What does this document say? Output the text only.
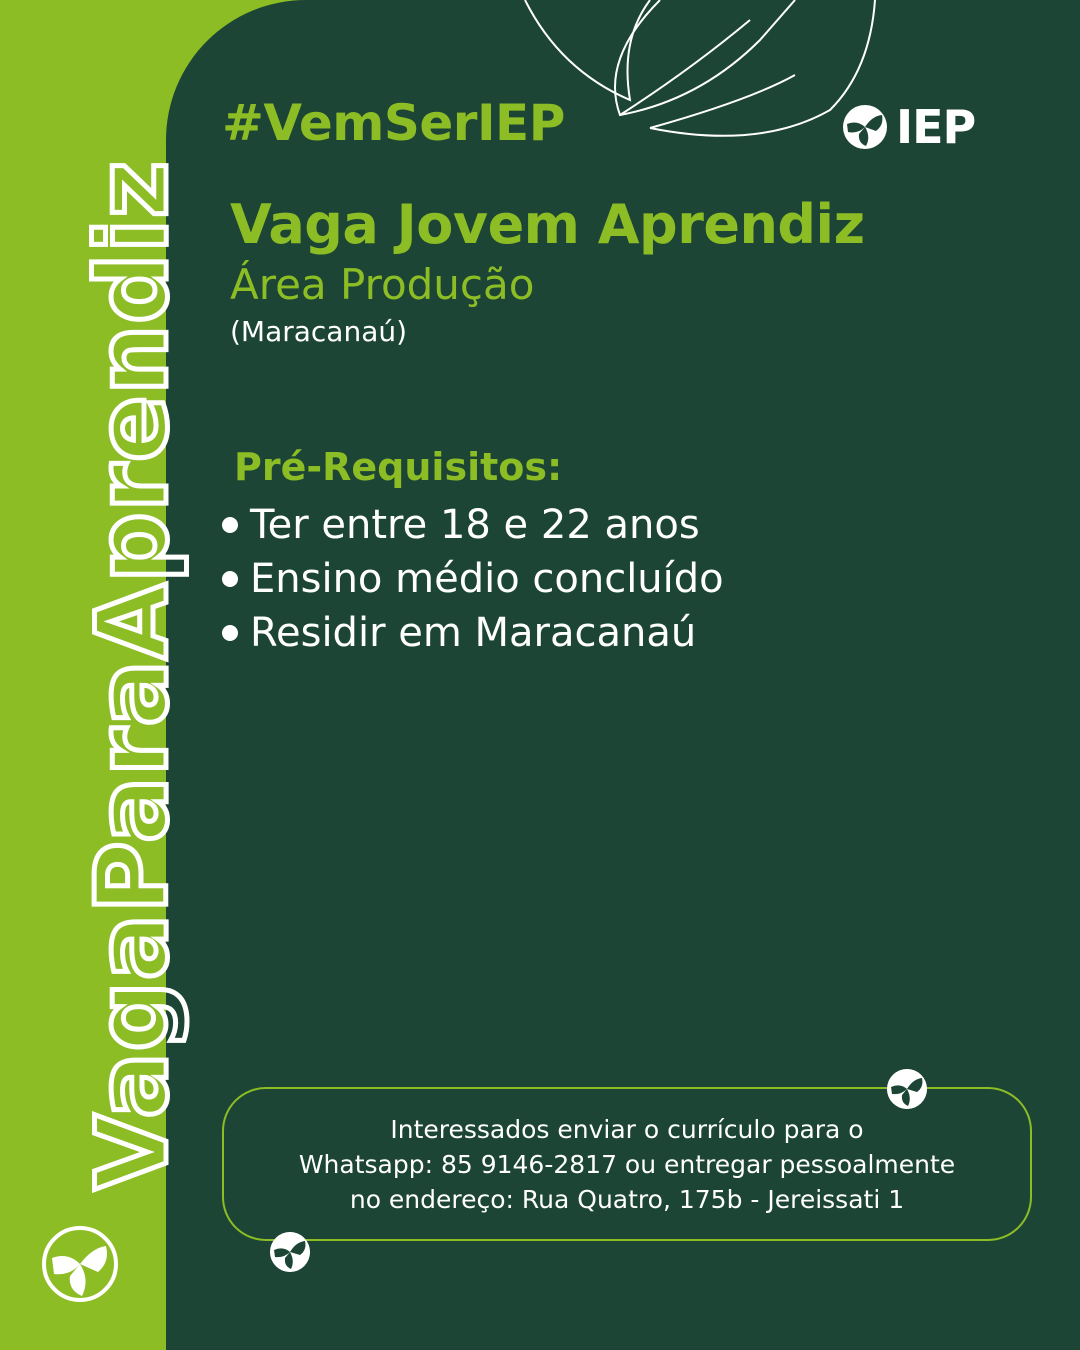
VagaParaAprendiz
#VemSerIEP	IEP
Vaga Jovem Aprendiz
Área Produção
(Maracanaú)
Pré-Requisitos:
Ter entre 18 e 22 anos
Ensino médio concluído
Residir em Maracanaú
Interessados enviar o currículo para o
Whatsapp: 85 9146-2817 ou entregar pessoalmente
no endereço: Rua Quatro, 175b - Jereissati 1
